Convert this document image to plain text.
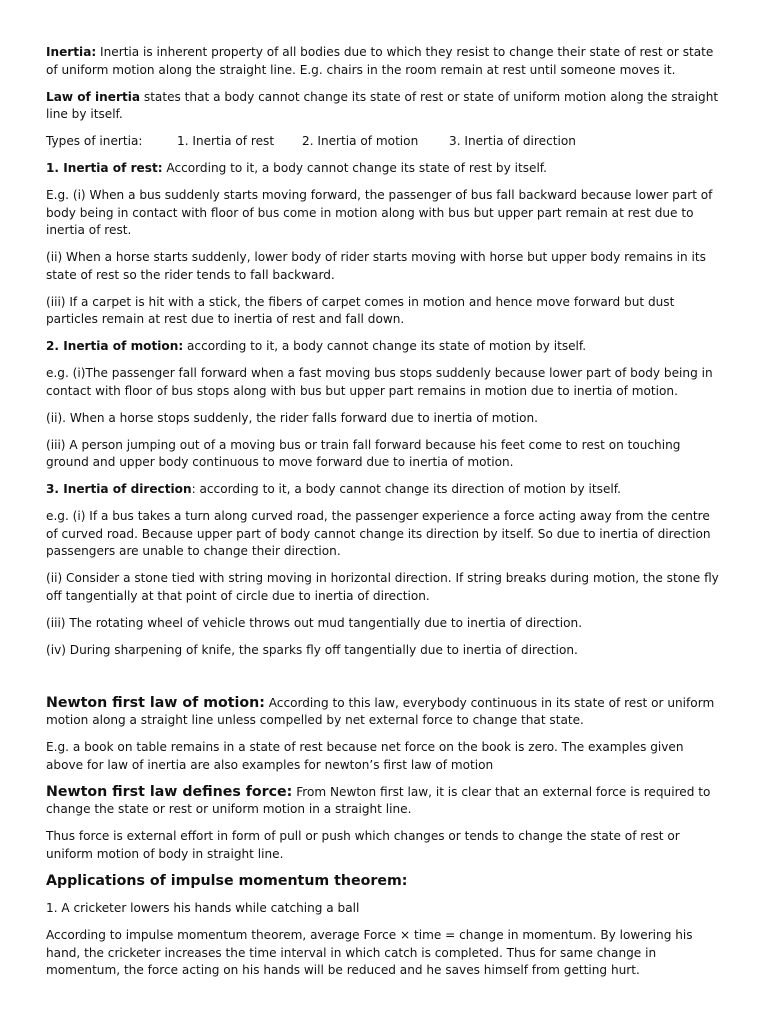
Inertia: Inertia is inherent property of all bodies due to which they resist to change their state of rest or state of uniform motion along the straight line. E.g. chairs in the room remain at rest until someone moves it.

Law of inertia states that a body cannot change its state of rest or state of uniform motion along the straight line by itself.

Types of inertia:	1. Inertia of rest 2. Inertia of motion	3. Inertia of direction

1. Inertia of rest: According to it, a body cannot change its state of rest by itself.

E.g. (i) When a bus suddenly starts moving forward, the passenger of bus fall backward because lower part of body being in contact with floor of bus come in motion along with bus but upper part remain at rest due to inertia of rest.

(ii) When a horse starts suddenly, lower body of rider starts moving with horse but upper body remains in its state of rest so the rider tends to fall backward.

(iii) If a carpet is hit with a stick, the fibers of carpet comes in motion and hence move forward but dust particles remain at rest due to inertia of rest and fall down.

2. Inertia of motion: according to it, a body cannot change its state of motion by itself.

e.g. (i)The passenger fall forward when a fast moving bus stops suddenly because lower part of body being in contact with floor of bus stops along with bus but upper part remains in motion due to inertia of motion.

(ii). When a horse stops suddenly, the rider falls forward due to inertia of motion.

(iii) A person jumping out of a moving bus or train fall forward because his feet come to rest on touching ground and upper body continuous to move forward due to inertia of motion.

3. Inertia of direction: according to it, a body cannot change its direction of motion by itself.

e.g. (i) If a bus takes a turn along curved road, the passenger experience a force acting away from the centre of curved road. Because upper part of body cannot change its direction by itself. So due to inertia of direction passengers are unable to change their direction.

(ii) Consider a stone tied with string moving in horizontal direction. If string breaks during motion, the stone fly off tangentially at that point of circle due to inertia of direction.

(iii) The rotating wheel of vehicle throws out mud tangentially due to inertia of direction.

(iv) During sharpening of knife, the sparks fly off tangentially due to inertia of direction.

Newton first law of motion: According to this law, everybody continuous in its state of rest or uniform motion along a straight line unless compelled by net external force to change that state.

E.g. a book on table remains in a state of rest because net force on the book is zero. The examples given above for law of inertia are also examples for newton’s first law of motion

Newton first law defines force: From Newton first law, it is clear that an external force is required to change the state or rest or uniform motion in a straight line.

Thus force is external effort in form of pull or push which changes or tends to change the state of rest or uniform motion of body in straight line.

Applications of impulse momentum theorem:

1. A cricketer lowers his hands while catching a ball

According to impulse momentum theorem, average Force × time = change in momentum. By lowering his hand, the cricketer increases the time interval in which catch is completed. Thus for same change in momentum, the force acting on his hands will be reduced and he saves himself from getting hurt.
